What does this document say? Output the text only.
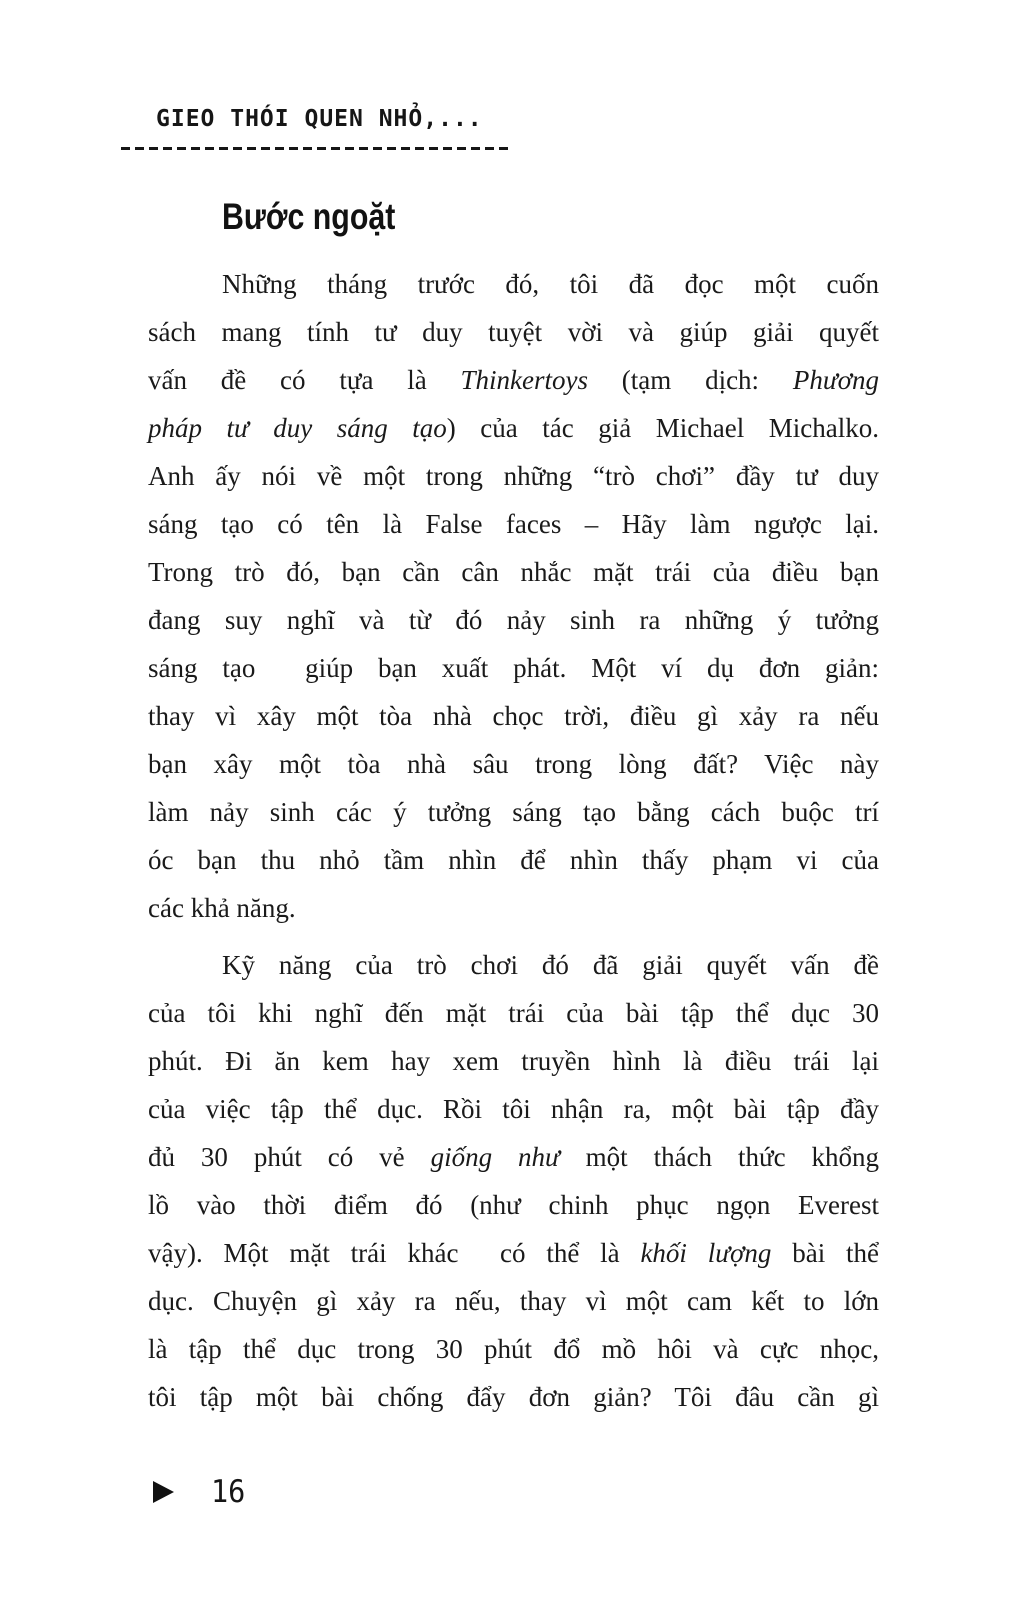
GIEO THÓI QUEN NHỎ,...
Bước ngoặt
Những tháng trước đó, tôi đã đọc một cuốn
sách mang tính tư duy tuyệt vời và giúp giải quyết
vấn đề có tựa là Thinkertoys (tạm dịch: Phương
pháp tư duy sáng tạo) của tác giả Michael Michalko.
Anh ấy nói về một trong những “trò chơi” đầy tư duy
sáng tạo có tên là False faces – Hãy làm ngược lại.
Trong trò đó, bạn cần cân nhắc mặt trái của điều bạn
đang suy nghĩ và từ đó nảy sinh ra những ý tưởng
sáng tạo  giúp bạn xuất phát. Một ví dụ đơn giản:
thay vì xây một tòa nhà chọc trời, điều gì xảy ra nếu
bạn xây một tòa nhà sâu trong lòng đất? Việc này
làm nảy sinh các ý tưởng sáng tạo bằng cách buộc trí
óc bạn thu nhỏ tầm nhìn để nhìn thấy phạm vi của
các khả năng.
Kỹ năng của trò chơi đó đã giải quyết vấn đề
của tôi khi nghĩ đến mặt trái của bài tập thể dục 30
phút. Đi ăn kem hay xem truyền hình là điều trái lại
của việc tập thể dục. Rồi tôi nhận ra, một bài tập đầy
đủ 30 phút có vẻ giống như một thách thức khổng
lồ vào thời điểm đó (như chinh phục ngọn Everest
vậy). Một mặt trái khác  có thể là khối lượng bài thể
dục. Chuyện gì xảy ra nếu, thay vì một cam kết to lớn
là tập thể dục trong 30 phút đổ mồ hôi và cực nhọc,
tôi tập một bài chống đẩy đơn giản? Tôi đâu cần gì
16
